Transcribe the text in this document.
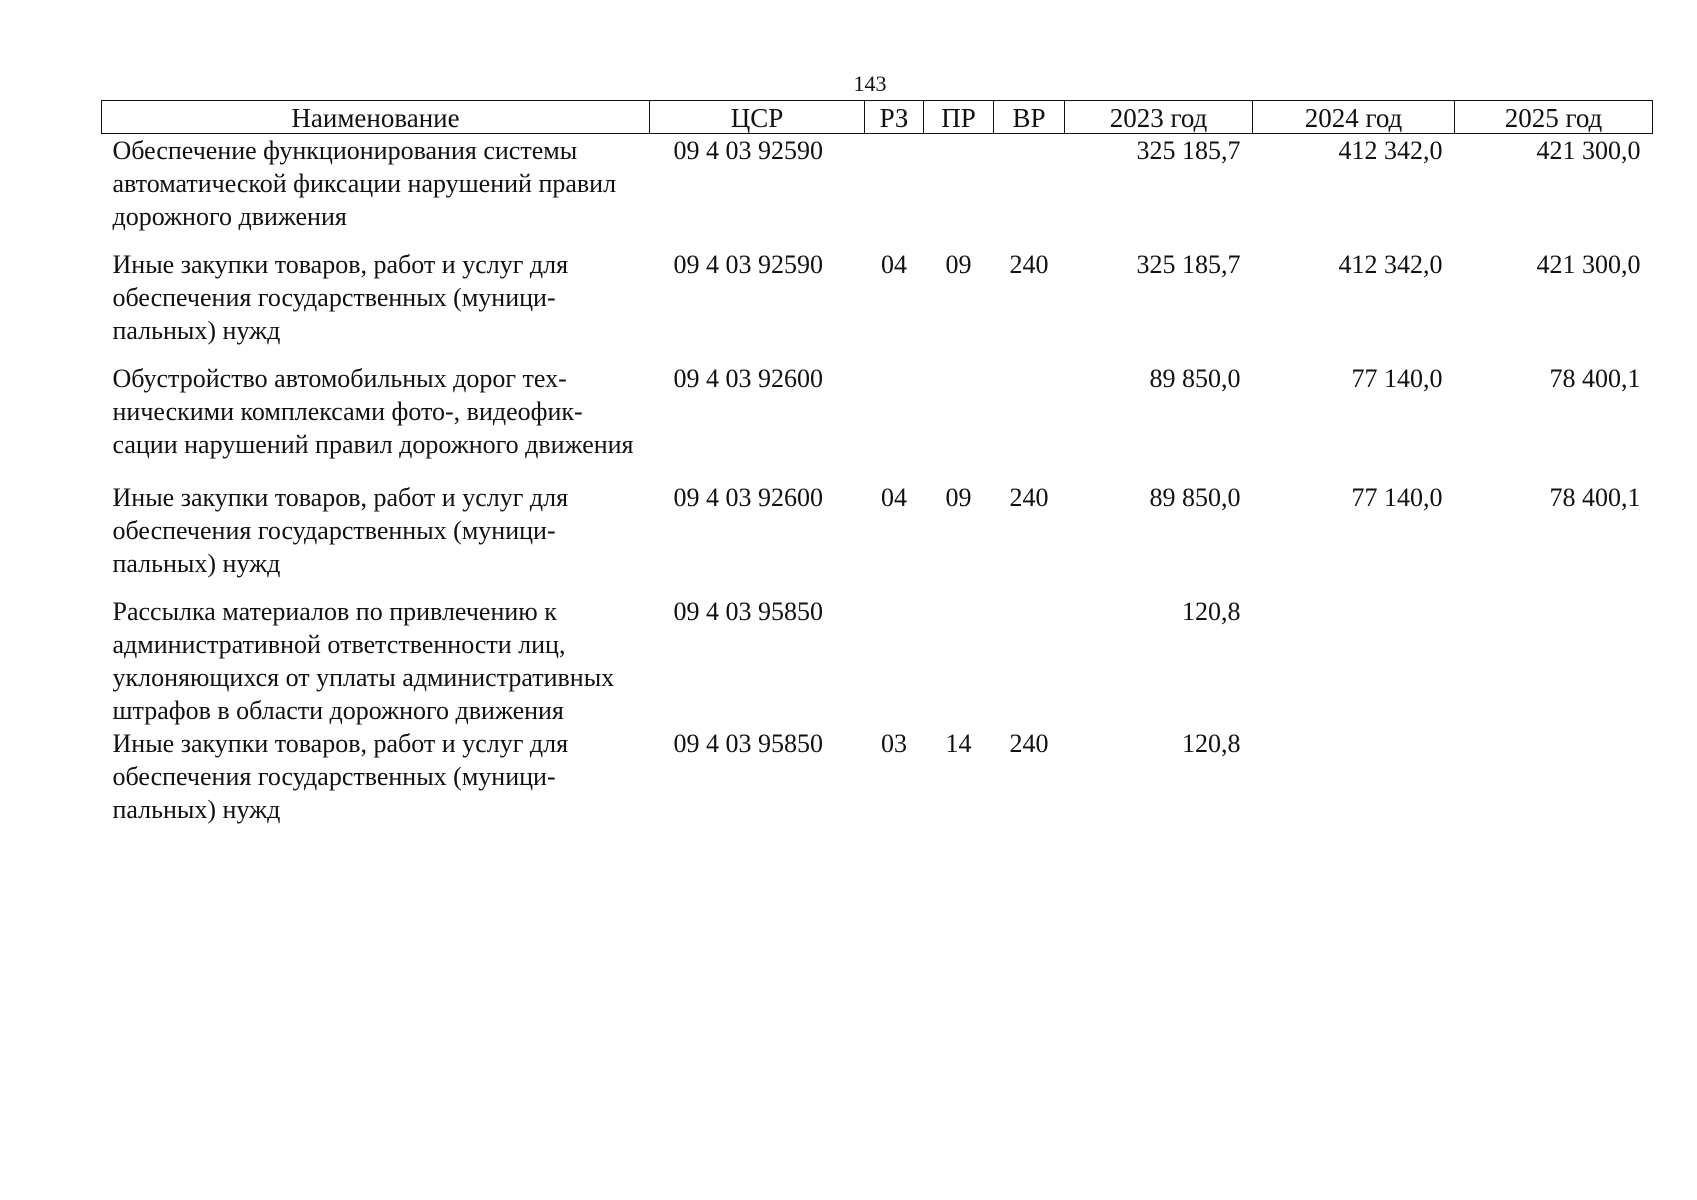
143
Наименование	ЦСР	РЗ	ПР	ВР	2023 год	2024 год	2025 год
Обеспечение функционирования системы автоматической фиксации нарушений правил дорожного движения	09 4 03 92590				325 185,7	412 342,0	421 300,0
Иные закупки товаров, работ и услуг для обеспечения государственных (муниципальных) нужд	09 4 03 92590	04	09	240	325 185,7	412 342,0	421 300,0
Обустройство автомобильных дорог техническими комплексами фото-, видеофиксации нарушений правил дорожного движения	09 4 03 92600				89 850,0	77 140,0	78 400,1
Иные закупки товаров, работ и услуг для обеспечения государственных (муниципальных) нужд	09 4 03 92600	04	09	240	89 850,0	77 140,0	78 400,1
Рассылка материалов по привлечению к административной ответственности лиц, уклоняющихся от уплаты административных штрафов в области дорожного движения	09 4 03 95850				120,8		
Иные закупки товаров, работ и услуг для обеспечения государственных (муниципальных) нужд	09 4 03 95850	03	14	240	120,8		
